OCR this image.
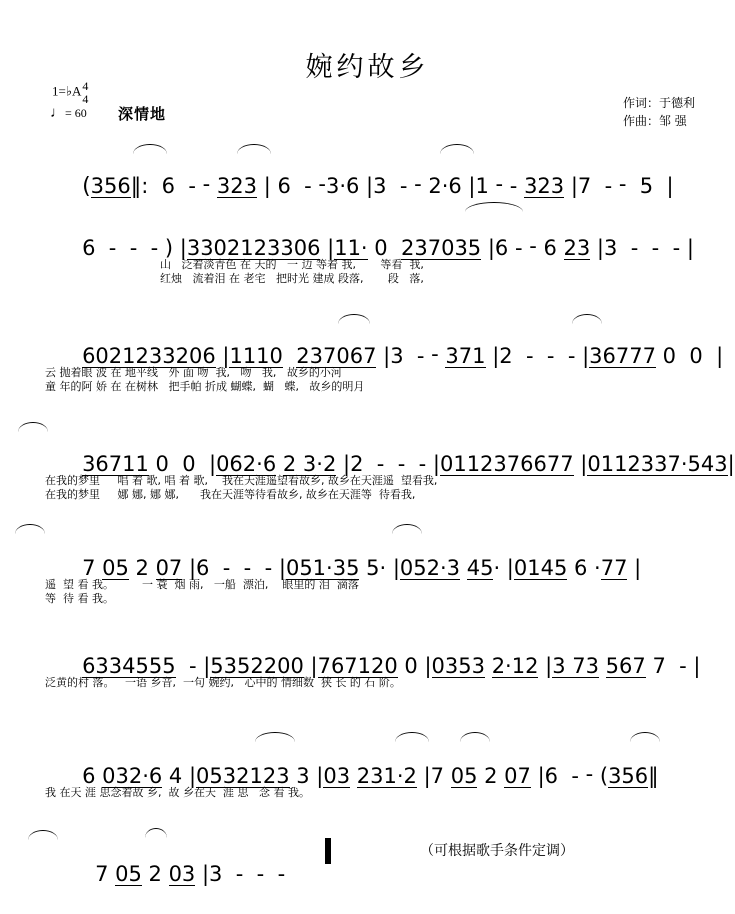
婉约故乡
1=♭A 4
4
♩= 60 深情地
作词：于德利
作曲：邹 强

(356‖:  6  - - 323 | 6  - -3·6 |3  - - 2·6 |1 - - 323 |7  - -  5  |

6  -  -  - ) |3302123306 |11· 0  237035 |6 - - 6 23 |3  -  -  - |

山   泛着淡青色 在 天的   一 边 等着 我,       等看  我,
红烛   流着泪 在 老宅   把时光 建成 段落,       段   落,

6021233206 |1110 237067 |3  - - 371 |2  -  -  - |36777 0  0  |

云 抛着眼 波 在 地平线   外 面 吻  我,   吻   我,   故乡的小河
童 年的阿 娇 在 在树林   把手帕 折成 蝴蝶,  蝴   蝶,   故乡的明月

36711 0  0  |062·6 2 3·2 |2  -  -  - |0112376677 |0112337·543|

在我的梦里     唱 着 歌, 唱 着 歌,    我在天涯遥望看故乡, 故乡在天涯遥  望看我,
在我的梦里     娜 娜, 娜 娜,      我在天涯等待看故乡, 故乡在天涯等  待看我,

7 05 2 07 |6  -  -  - |051·35 5· |052·3 45· |0145 6 ·77 |

遥  望 看 我。        一 蓑  烟 雨,   一船  漂泊,    眼里的 泪  滴落
等  待 看 我。

6334555  - |5352200 |767120 0 |0353 2·12 |3 73 567 7  - |

泛黄的村 落。   一语 乡音,  一句 婉约,   心中的 情细数  狭 长 的 石 阶。

6 032·6 4 |0532123 3 |03 231·2 |7 05 2 07 |6  - - (356‖

我 在天 涯 思念着故 乡,  故 乡在天  涯 思   念 看 我。

7 05 2 03 |3  -  -  -

（可根据歌手条件定调）
